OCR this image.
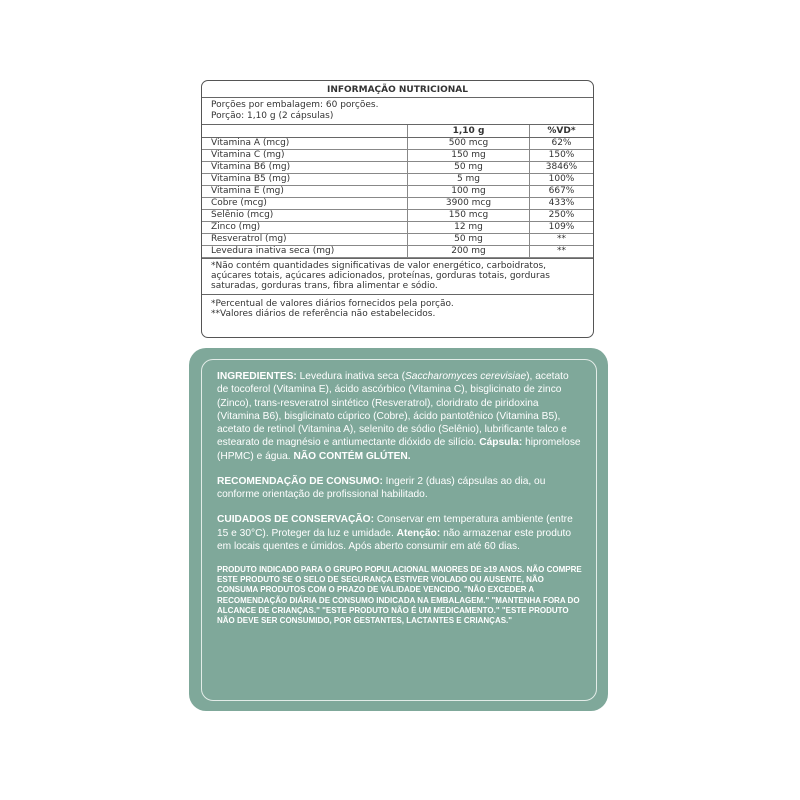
INFORMAÇÃO NUTRICIONAL
Porções por embalagem: 60 porções.
Porção: 1,10 g (2 cápsulas)
	1,10 g	%VD*
Vitamina A (mcg)	500 mcg	62%
Vitamina C (mg)	150 mg	150%
Vitamina B6 (mg)	50 mg	3846%
Vitamina B5 (mg)	5 mg	100%
Vitamina E (mg)	100 mg	667%
Cobre (mcg)	3900 mcg	433%
Selênio (mcg)	150 mcg	250%
Zinco (mg)	12 mg	109%
Resveratrol (mg)	50 mg	**
Levedura inativa seca (mg)	200 mg	**
*Não contém quantidades significativas de valor energético, carboidratos, açúcares totais, açúcares adicionados, proteínas, gorduras totais, gorduras saturadas, gorduras trans, fibra alimentar e sódio.
*Percentual de valores diários fornecidos pela porção.
**Valores diários de referência não estabelecidos.

INGREDIENTES: Levedura inativa seca (Saccharomyces cerevisiae), acetato de tocoferol (Vitamina E), ácido ascórbico (Vitamina C), bisglicinato de zinco (Zinco), trans-resveratrol sintético (Resveratrol), cloridrato de piridoxina (Vitamina B6), bisglicinato cúprico (Cobre), ácido pantotênico (Vitamina B5), acetato de retinol (Vitamina A), selenito de sódio (Selênio), lubrificante talco e estearato de magnésio e antiumectante dióxido de silício. Cápsula: hipromelose (HPMC) e água. NÃO CONTÉM GLÚTEN.

RECOMENDAÇÃO DE CONSUMO: Ingerir 2 (duas) cápsulas ao dia, ou conforme orientação de profissional habilitado.

CUIDADOS DE CONSERVAÇÃO: Conservar em temperatura ambiente (entre 15 e 30°C). Proteger da luz e umidade. Atenção: não armazenar este produto em locais quentes e úmidos. Após aberto consumir em até 60 dias.

PRODUTO INDICADO PARA O GRUPO POPULACIONAL MAIORES DE ≥19 ANOS. NÃO COMPRE ESTE PRODUTO SE O SELO DE SEGURANÇA ESTIVER VIOLADO OU AUSENTE, NÃO CONSUMA PRODUTOS COM O PRAZO DE VALIDADE VENCIDO. "NÃO EXCEDER A RECOMENDAÇÃO DIÁRIA DE CONSUMO INDICADA NA EMBALAGEM." "MANTENHA FORA DO ALCANCE DE CRIANÇAS." "ESTE PRODUTO NÃO É UM MEDICAMENTO." "ESTE PRODUTO NÃO DEVE SER CONSUMIDO, POR GESTANTES, LACTANTES E CRIANÇAS."
